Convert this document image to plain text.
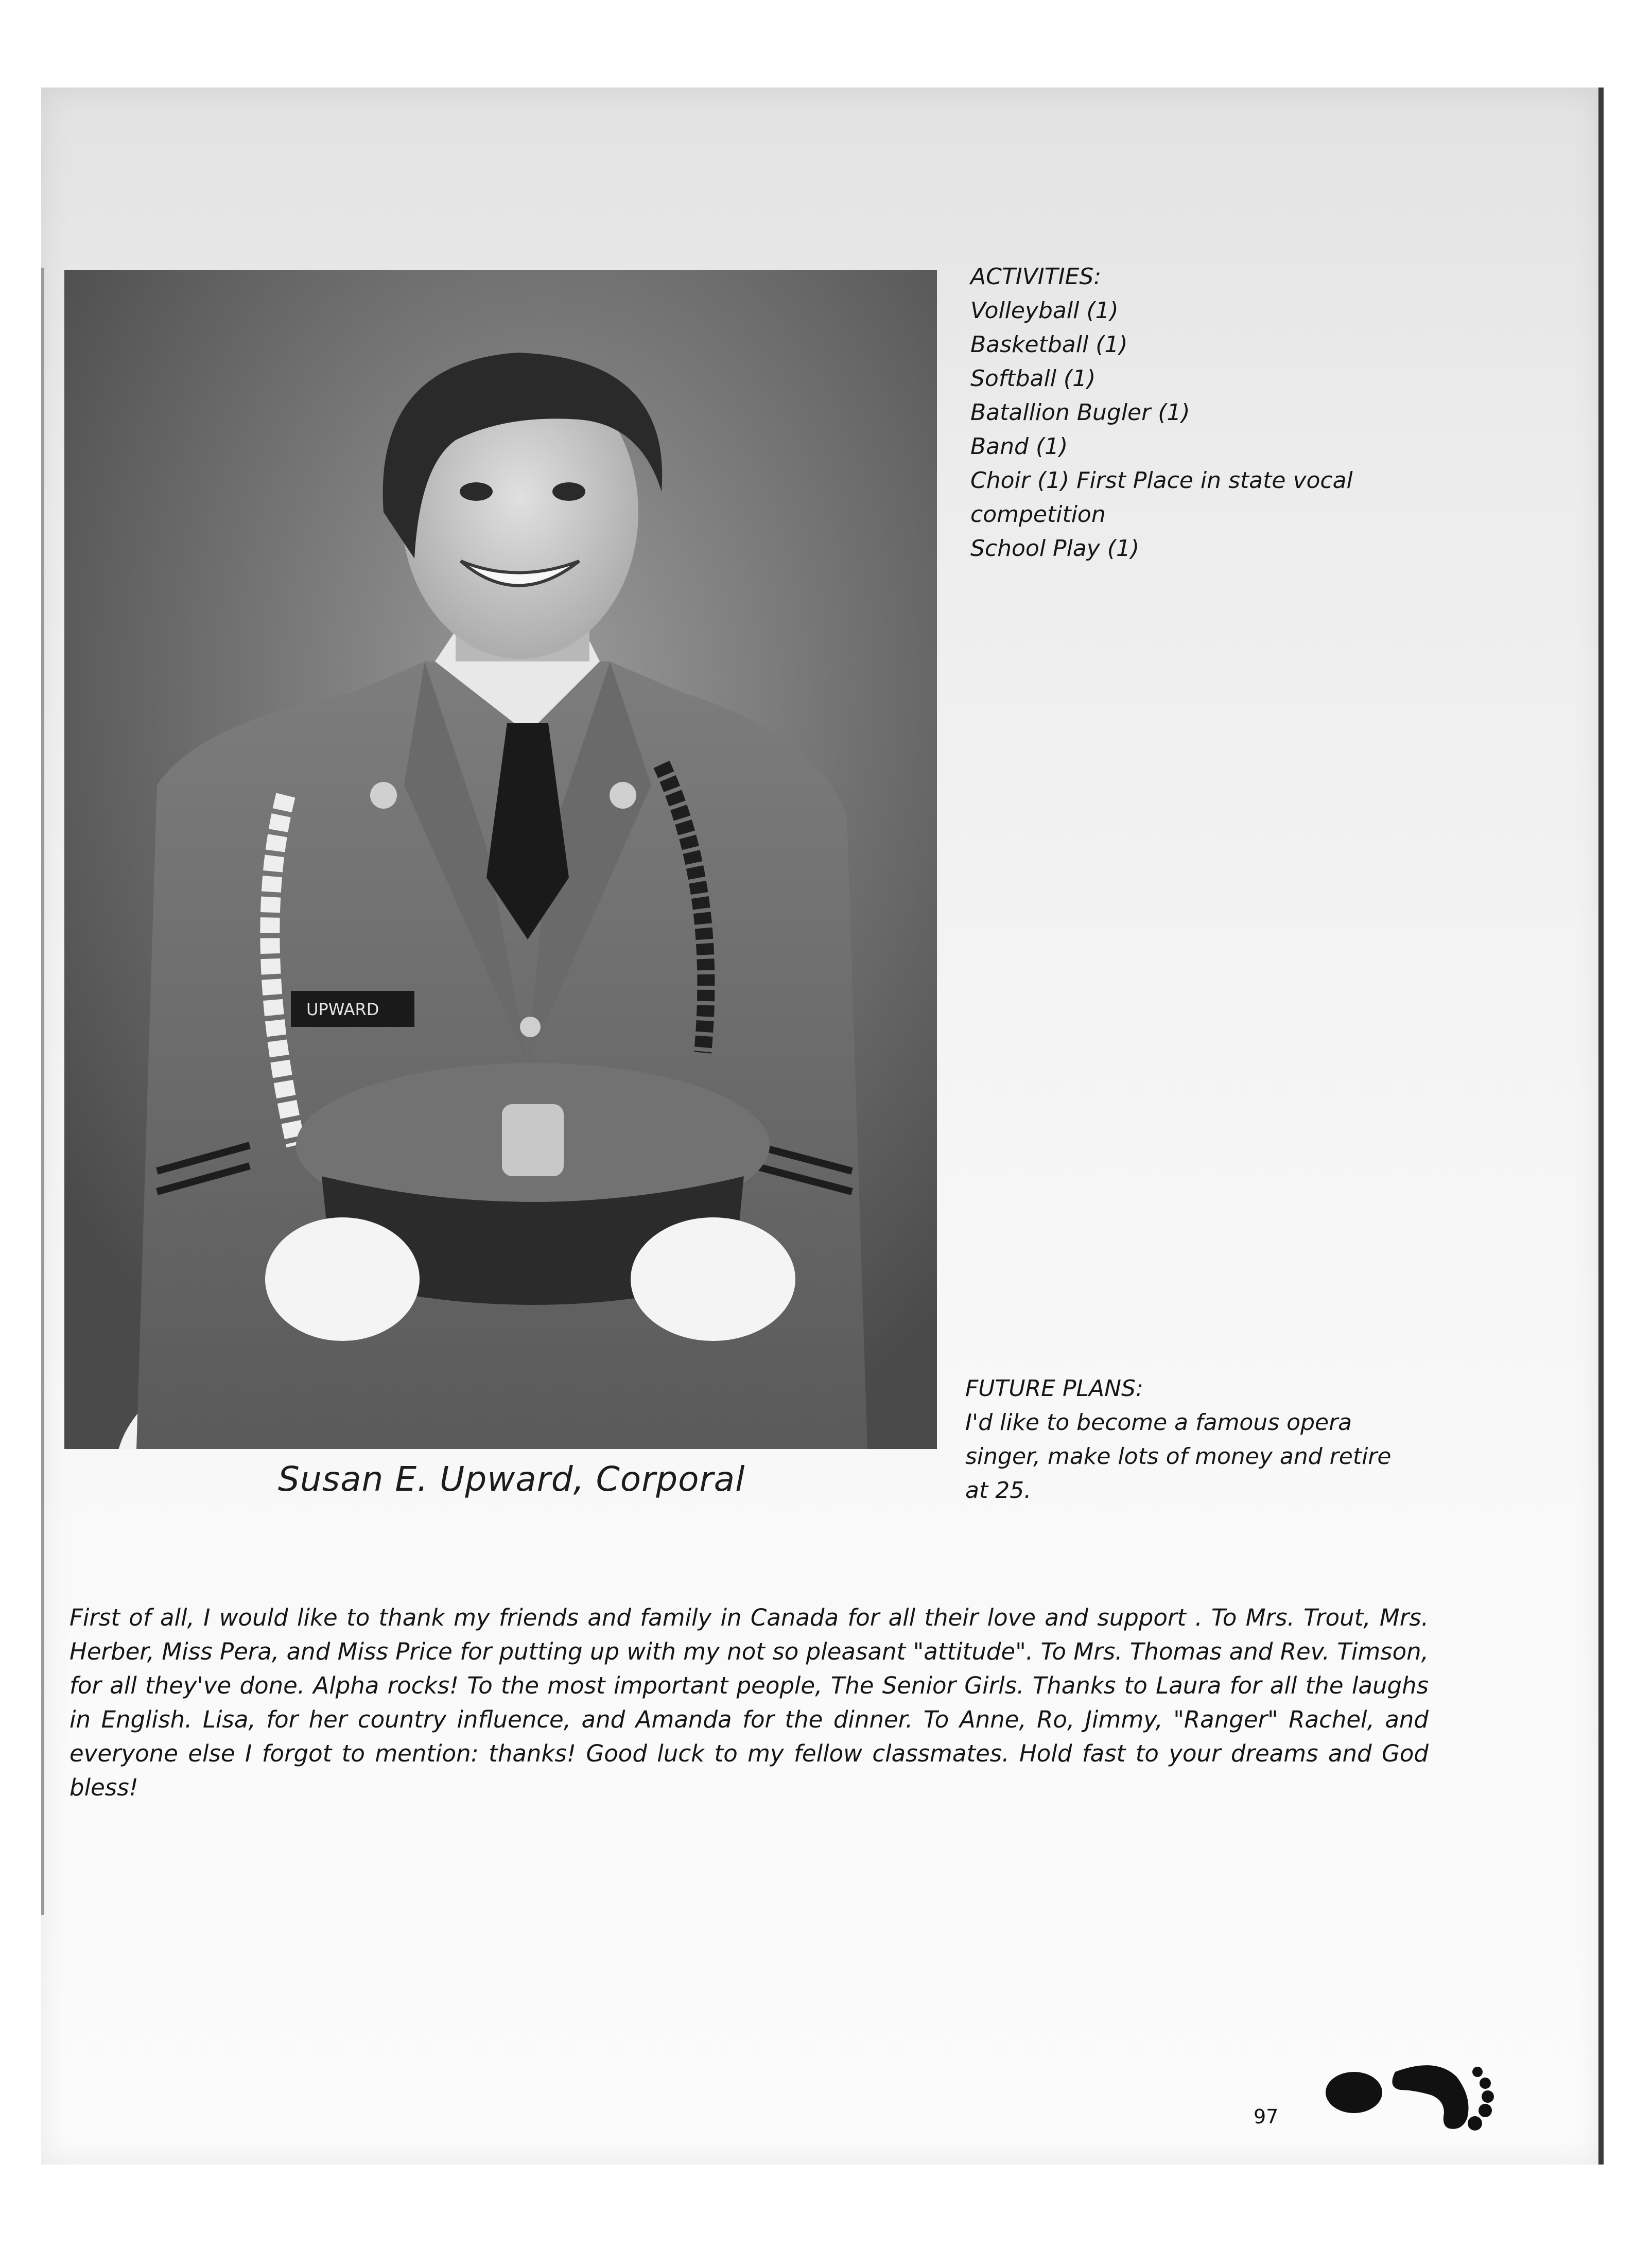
UPWARD
Susan E. Upward, Corporal
ACTIVITIES:
Volleyball (1)
Basketball (1)
Softball (1)
Batallion Bugler (1)
Band (1)
Choir (1) First Place in state vocal competition
School Play (1)
FUTURE PLANS:
I'd like to become a famous opera singer, make lots of money and retire at 25.
First of all, I would like to thank my friends and family in Canada for all their love and support . To Mrs. Trout, Mrs. Herber, Miss Pera, and Miss Price for putting up with my not so pleasant "attitude". To Mrs. Thomas and Rev. Timson, for all they've done. Alpha rocks! To the most important people, The Senior Girls. Thanks to Laura for all the laughs in English. Lisa, for her country influence, and Amanda for the dinner. To Anne, Ro, Jimmy, "Ranger" Rachel, and everyone else I forgot to mention: thanks! Good luck to my fellow classmates. Hold fast to your dreams and God bless!
97
